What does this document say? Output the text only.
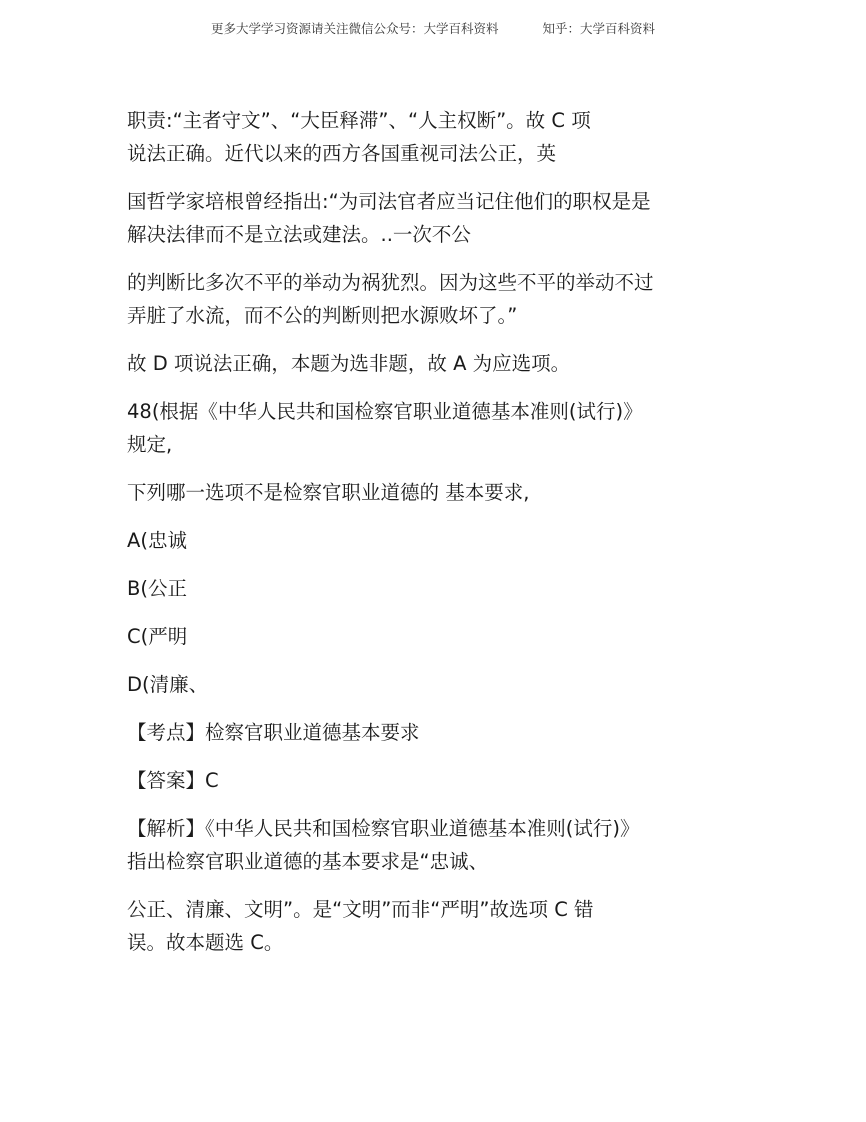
更多大学学习资源请关注微信公众号：大学百科资料	知乎：大学百科资料
职责:“主者守文”、“大臣释滞”、“人主权断”。故 C 项
说法正确。近代以来的西方各国重视司法公正，英
国哲学家培根曾经指出:“为司法官者应当记住他们的职权是是
解决法律而不是立法或建法。..一次不公
的判断比多次不平的举动为祸犹烈。因为这些不平的举动不过
弄脏了水流，而不公的判断则把水源败坏了。”
故 D 项说法正确，本题为选非题，故 A 为应选项。
48(根据《中华人民共和国检察官职业道德基本准则(试行)》
规定,
下列哪一选项不是检察官职业道德的 基本要求,
A(忠诚
B(公正
C(严明
D(清廉、
【考点】检察官职业道德基本要求
【答案】C
【解析】《中华人民共和国检察官职业道德基本准则(试行)》
指出检察官职业道德的基本要求是“忠诚、
公正、清廉、文明”。是“文明”而非“严明”故选项 C 错
误。故本题选 C。
